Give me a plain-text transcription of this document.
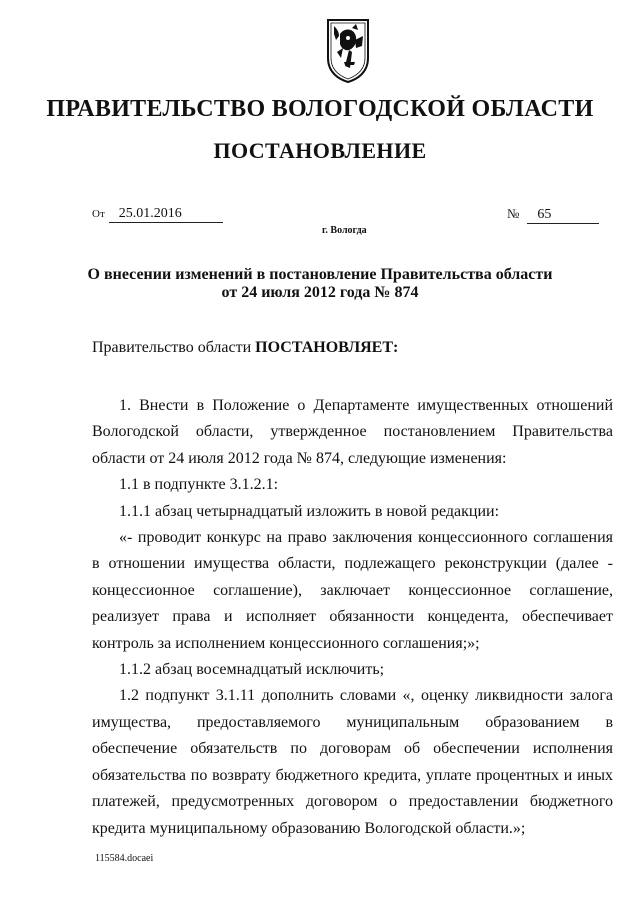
ПРАВИТЕЛЬСТВО ВОЛОГОДСКОЙ ОБЛАСТИ
ПОСТАНОВЛЕНИЕ
От 25.01.2016	№ 65
г. Вологда
О внесении изменений в постановление Правительства области
от 24 июля 2012 года № 874
Правительство области ПОСТАНОВЛЯЕТ:

1. Внести в Положение о Департаменте имущественных отношений Вологодской области, утвержденное постановлением Правительства области от 24 июля 2012 года № 874, следующие изменения:

1.1 в подпункте 3.1.2.1:

1.1.1 абзац четырнадцатый изложить в новой редакции:

«- проводит конкурс на право заключения концессионного соглашения в отношении имущества области, подлежащего реконструкции (далее - концессионное соглашение), заключает концессионное соглашение, реализует права и исполняет обязанности концедента, обеспечивает контроль за исполнением концессионного соглашения;»;

1.1.2 абзац восемнадцатый исключить;

1.2 подпункт 3.1.11 дополнить словами «, оценку ликвидности залога имущества, предоставляемого муниципальным образованием в обеспечение обязательств по договорам об обеспечении исполнения обязательства по возврату бюджетного кредита, уплате процентных и иных платежей, предусмотренных договором о предоставлении бюджетного кредита муниципальному образованию Вологодской области.»;

115584.docaei
